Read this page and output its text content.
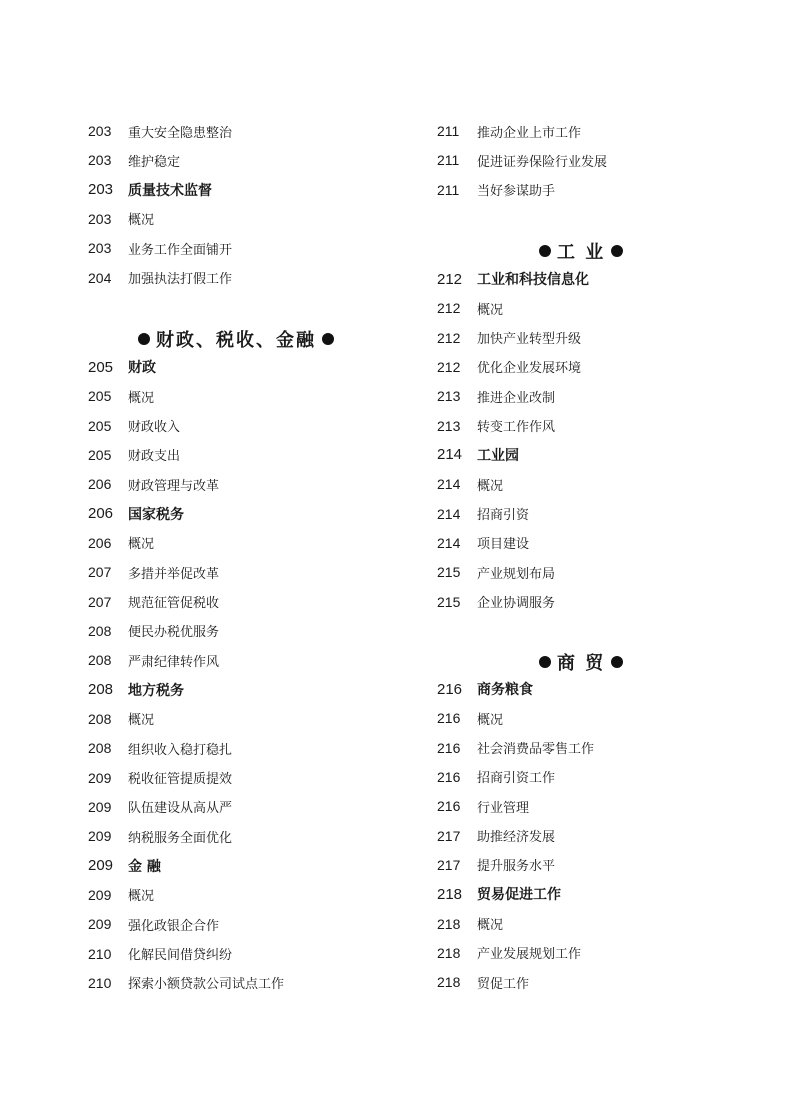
203	重大安全隐患整治
203	维护稳定
203	质量技术监督
203	概况
203	业务工作全面铺开
204	加强执法打假工作
财政、税收、金融
205	财政
205	概况
205	财政收入
205	财政支出
206	财政管理与改革
206	国家税务
206	概况
207	多措并举促改革
207	规范征管促税收
208	便民办税优服务
208	严肃纪律转作风
208	地方税务
208	概况
208	组织收入稳打稳扎
209	税收征管提质提效
209	队伍建设从高从严
209	纳税服务全面优化
209	金 融
209	概况
209	强化政银企合作
210	化解民间借贷纠纷
210	探索小额贷款公司试点工作
211	推动企业上市工作
211	促进证券保险行业发展
211	当好参谋助手
工 业
212	工业和科技信息化
212	概况
212	加快产业转型升级
212	优化企业发展环境
213	推进企业改制
213	转变工作作风
214	工业园
214	概况
214	招商引资
214	项目建设
215	产业规划布局
215	企业协调服务
商 贸
216	商务粮食
216	概况
216	社会消费品零售工作
216	招商引资工作
216	行业管理
217	助推经济发展
217	提升服务水平
218	贸易促进工作
218	概况
218	产业发展规划工作
218	贸促工作
